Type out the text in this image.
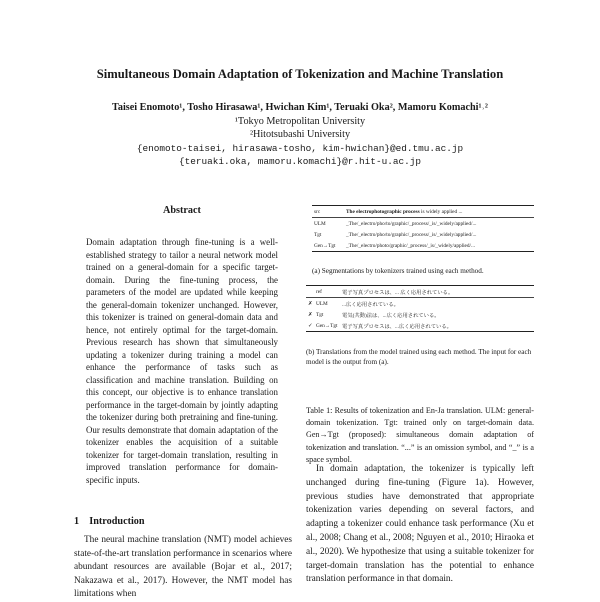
Simultaneous Domain Adaptation of Tokenization and Machine Translation
Taisei Enomoto¹, Tosho Hirasawa¹, Hwichan Kim¹, Teruaki Oka², Mamoru Komachi¹˒²
¹Tokyo Metropolitan University
²Hitotsubashi University
{enomoto-taisei, hirasawa-tosho, kim-hwichan}@ed.tmu.ac.jp
{teruaki.oka, mamoru.komachi}@r.hit-u.ac.jp
Abstract

Domain adaptation through fine-tuning is a well-established strategy to tailor a neural network model trained on a general-domain for a specific target-domain. During the fine-tuning process, the parameters of the model are updated while keeping the general-domain tokenizer unchanged. However, this tokenizer is trained on general-domain data and hence, not entirely optimal for the target-domain. Previous research has shown that simultaneously updating a tokenizer during training a model can enhance the performance of tasks such as classification and machine translation. Building on this concept, our objective is to enhance translation performance in the target-domain by jointly adapting the tokenizer during both pretraining and fine-tuning. Our results demonstrate that domain adaptation of the tokenizer enables the acquisition of a suitable tokenizer for target-domain translation, resulting in improved translation performance for domain-specific inputs.

1 Introduction

The neural machine translation (NMT) model achieves state-of-the-art translation performance in scenarios where abundant resources are available (Bojar et al., 2017; Nakazawa et al., 2017). However, the NMT model has limitations when

src	The electrophotographic process is widely applied ...
ULM	_The/_electro/pho/to/graphic/_process/_is/_widely/applied/...
Tgt	_The/_electro/pho/to/graphic/_process/_is/_widely/applied/...
Gen→Tgt	_The/_electro/photo/graphic/_process/_is/_widely/applied/...
(a) Segmentations by tokenizers trained using each method.
ref	電子写真プロセスは、... 広く応用されている。
✗ ULM	...広く応用されている。
✗ Tgt	電気(共動)法は、...広く応用されている。
✓ Gen→Tgt	電子写真プロセスは、...広く応用されている。
(b) Translations from the model trained using each method. The input for each model is the output from (a).
Table 1: Results of tokenization and En-Ja translation. ULM: general-domain tokenization. Tgt: trained only on target-domain data. Gen→Tgt (proposed): simultaneous domain adaptation of tokenization and translation. “...” is an omission symbol, and “_” is a space symbol.

In domain adaptation, the tokenizer is typically left unchanged during fine-tuning (Figure 1a). However, previous studies have demonstrated that appropriate tokenization varies depending on several factors, and adapting a tokenizer could enhance task performance (Xu et al., 2008; Chang et al., 2008; Nguyen et al., 2010; Hiraoka et al., 2020). We hypothesize that using a suitable tokenizer for target-domain translation has the potential to enhance translation performance in that domain.
